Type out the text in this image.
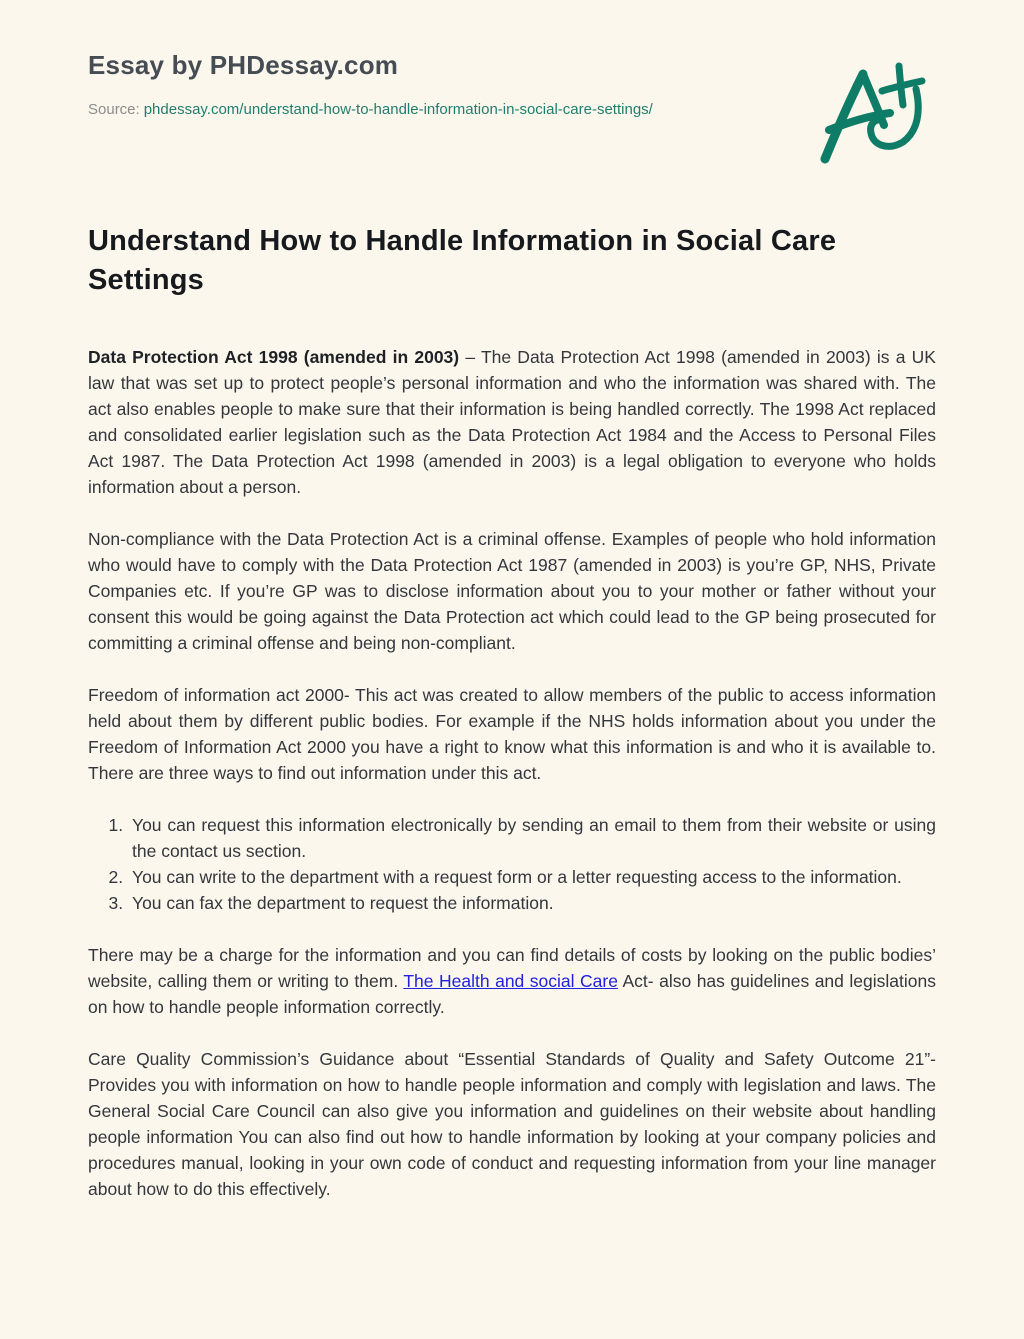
Essay by PHDessay.com
Source: phdessay.com/understand-how-to-handle-information-in-social-care-settings/
Understand How to Handle Information in Social Care Settings

Data Protection Act 1998 (amended in 2003) – The Data Protection Act 1998 (amended in 2003) is a UK law that was set up to protect people’s personal information and who the information was shared with. The act also enables people to make sure that their information is being handled correctly. The 1998 Act replaced and consolidated earlier legislation such as the Data Protection Act 1984 and the Access to Personal Files Act 1987. The Data Protection Act 1998 (amended in 2003) is a legal obligation to everyone who holds information about a person.

Non-compliance with the Data Protection Act is a criminal offense. Examples of people who hold information who would have to comply with the Data Protection Act 1987 (amended in 2003) is you’re GP, NHS, Private Companies etc. If you’re GP was to disclose information about you to your mother or father without your consent this would be going against the Data Protection act which could lead to the GP being prosecuted for committing a criminal offense and being non-compliant.

Freedom of information act 2000- This act was created to allow members of the public to access information held about them by different public bodies. For example if the NHS holds information about you under the Freedom of Information Act 2000 you have a right to know what this information is and who it is available to. There are three ways to find out information under this act.

1. You can request this information electronically by sending an email to them from their website or using the contact us section.
2. You can write to the department with a request form or a letter requesting access to the information.
3. You can fax the department to request the information.

There may be a charge for the information and you can find details of costs by looking on the public bodies’ website, calling them or writing to them. The Health and social Care Act- also has guidelines and legislations on how to handle people information correctly.

Care Quality Commission’s Guidance about “Essential Standards of Quality and Safety Outcome 21”- Provides you with information on how to handle people information and comply with legislation and laws. The General Social Care Council can also give you information and guidelines on their website about handling people information You can also find out how to handle information by looking at your company policies and procedures manual, looking in your own code of conduct and requesting information from your line manager about how to do this effectively.
